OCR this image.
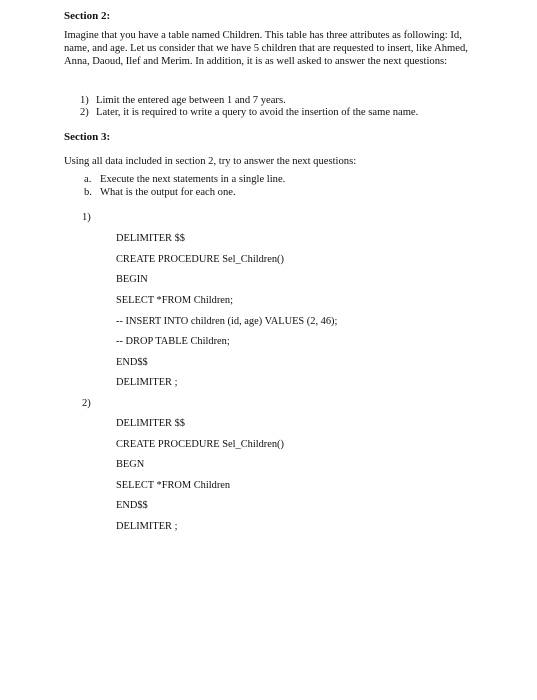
Section 2:
Imagine that you have a table named Children. This table has three attributes as following: Id, name, and age. Let us consider that we have 5 children that are requested to insert, like Ahmed, Anna, Daoud, Ilef and Merim. In addition, it is as well asked to answer the next questions:
1) Limit the entered age between 1 and 7 years.
2) Later, it is required to write a query to avoid the insertion of the same name.
Section 3:
Using all data included in section 2, try to answer the next questions:
a. Execute the next statements in a single line.
b. What is the output for each one.
1)
DELIMITER $$
CREATE PROCEDURE Sel_Children()
BEGIN
SELECT *FROM Children;
-- INSERT INTO children (id, age) VALUES (2, 46);
-- DROP TABLE Children;
END$$
DELIMITER ;
2)
DELIMITER $$
CREATE PROCEDURE Sel_Children()
BEGN
SELECT *FROM Children
END$$
DELIMITER ;
